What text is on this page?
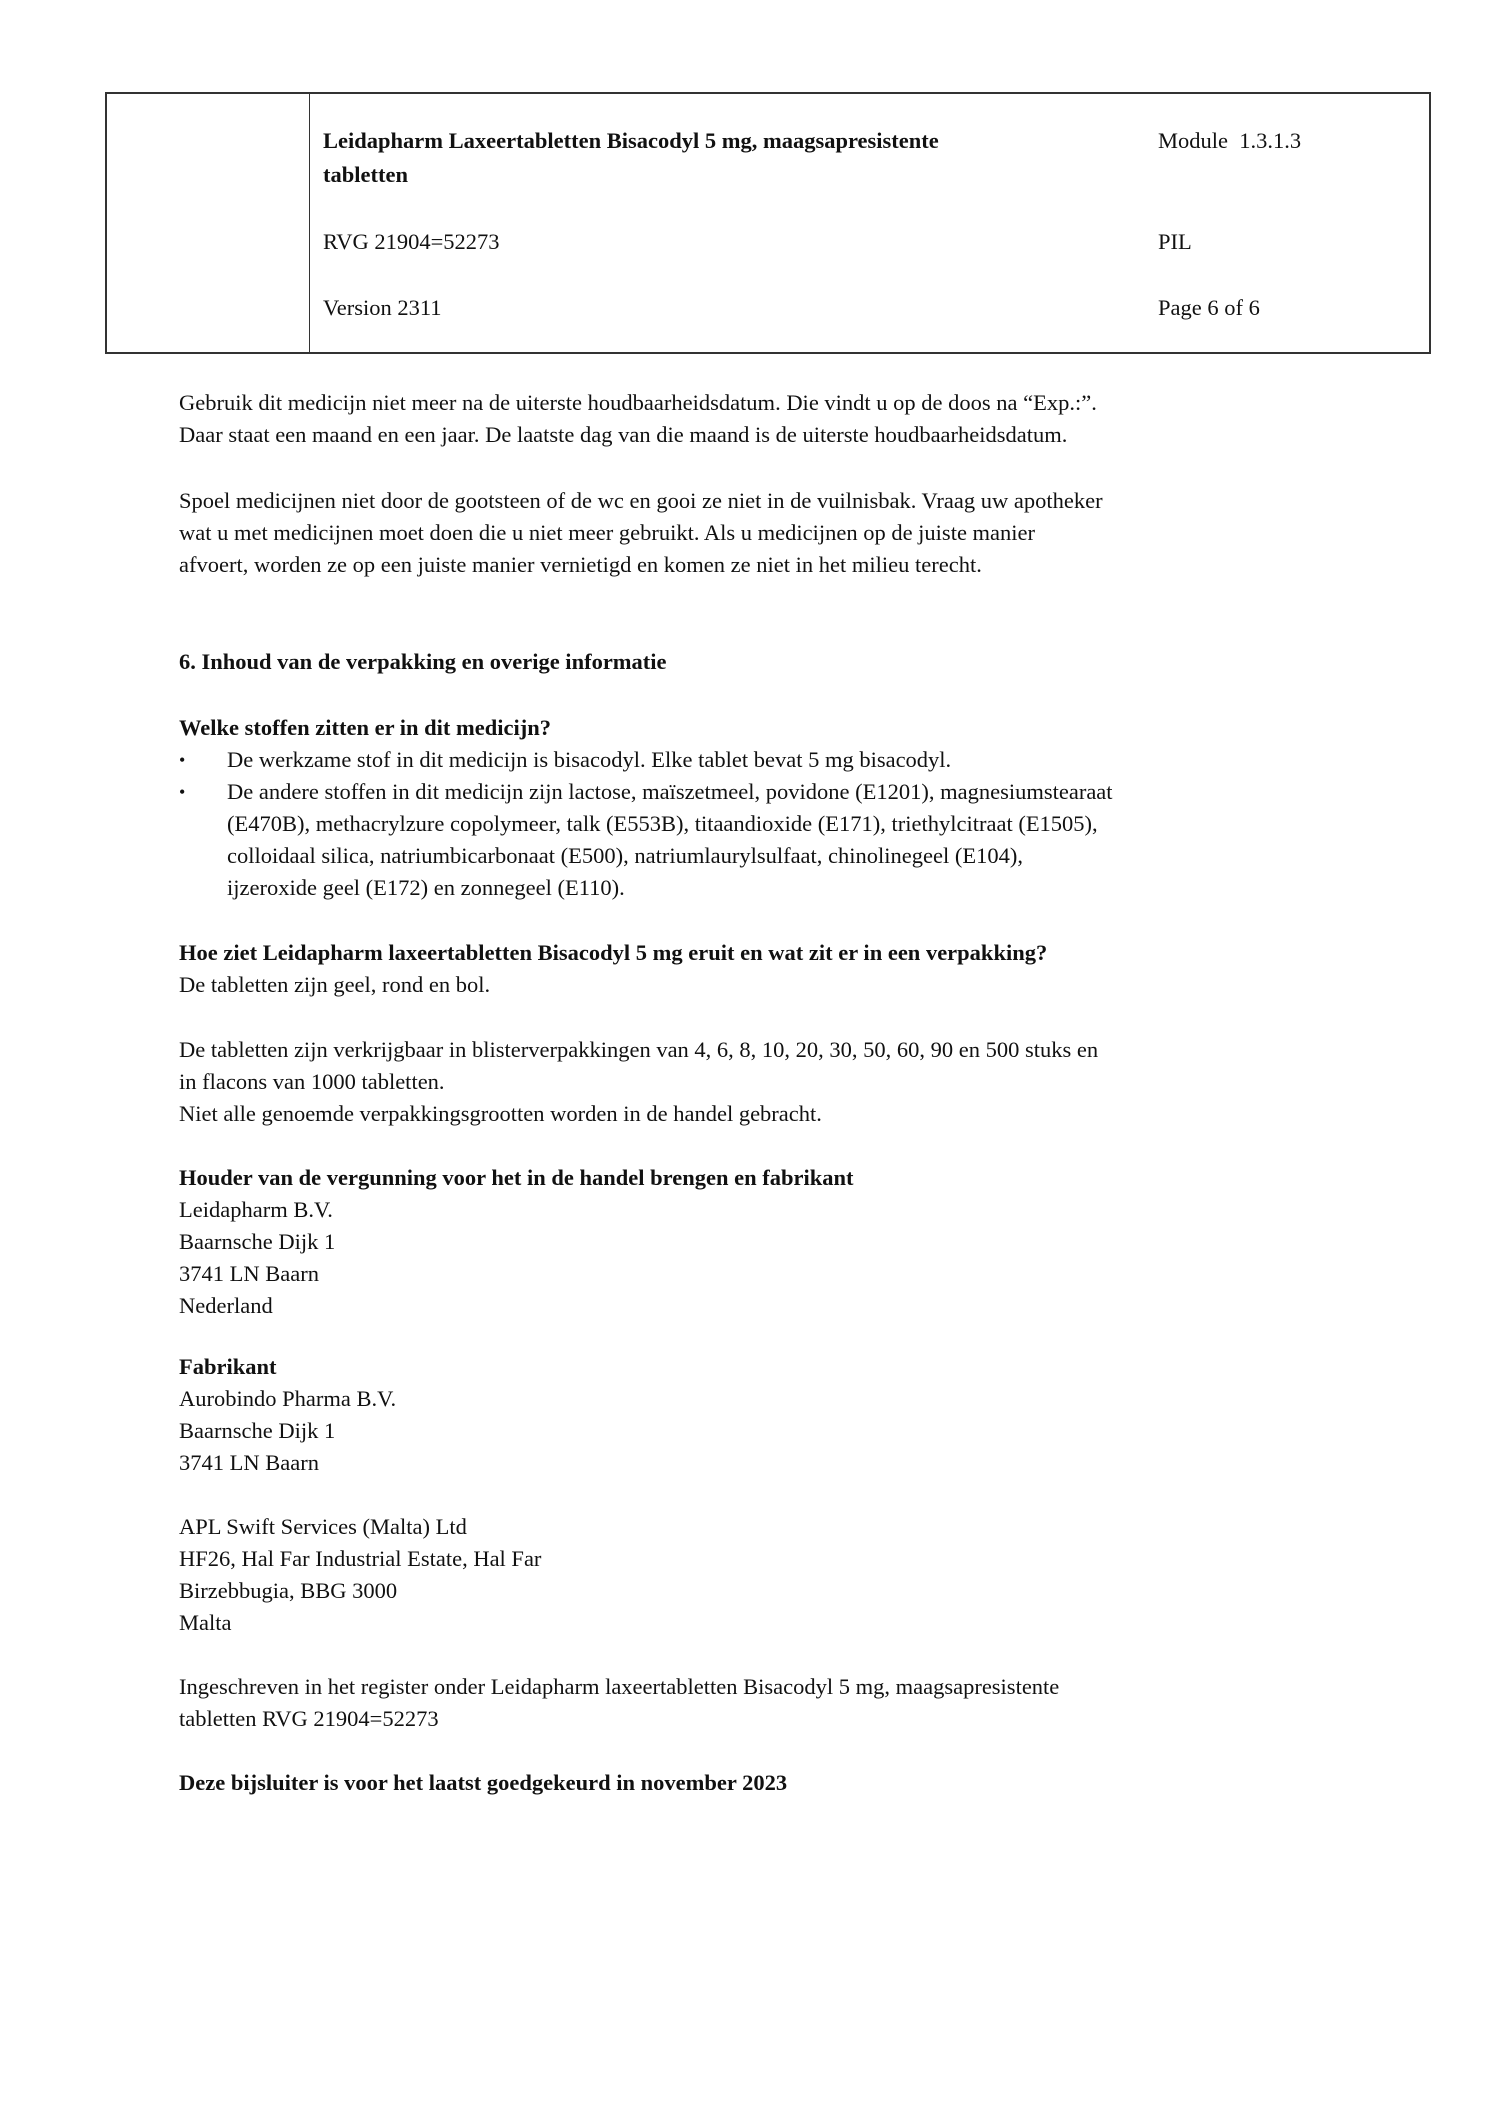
Leidapharm Laxeertabletten Bisacodyl 5 mg, maagsapresistente
tabletten
RVG 21904=52273
Version 2311
Module  1.3.1.3
PIL
Page 6 of 6
Gebruik dit medicijn niet meer na de uiterste houdbaarheidsdatum. Die vindt u op de doos na “Exp.:”.
Daar staat een maand en een jaar. De laatste dag van die maand is de uiterste houdbaarheidsdatum.
Spoel medicijnen niet door de gootsteen of de wc en gooi ze niet in de vuilnisbak. Vraag uw apotheker
wat u met medicijnen moet doen die u niet meer gebruikt. Als u medicijnen op de juiste manier
afvoert, worden ze op een juiste manier vernietigd en komen ze niet in het milieu terecht.
6. Inhoud van de verpakking en overige informatie
Welke stoffen zitten er in dit medicijn?
• De werkzame stof in dit medicijn is bisacodyl. Elke tablet bevat 5 mg bisacodyl.
• De andere stoffen in dit medicijn zijn lactose, maïszetmeel, povidone (E1201), magnesiumstearaat
(E470B), methacrylzure copolymeer, talk (E553B), titaandioxide (E171), triethylcitraat (E1505),
colloidaal silica, natriumbicarbonaat (E500), natriumlaurylsulfaat, chinolinegeel (E104),
ijzeroxide geel (E172) en zonnegeel (E110).
Hoe ziet Leidapharm laxeertabletten Bisacodyl 5 mg eruit en wat zit er in een verpakking?
De tabletten zijn geel, rond en bol.
De tabletten zijn verkrijgbaar in blisterverpakkingen van 4, 6, 8, 10, 20, 30, 50, 60, 90 en 500 stuks en
in flacons van 1000 tabletten.
Niet alle genoemde verpakkingsgrootten worden in de handel gebracht.
Houder van de vergunning voor het in de handel brengen en fabrikant
Leidapharm B.V.
Baarnsche Dijk 1
3741 LN Baarn
Nederland
Fabrikant
Aurobindo Pharma B.V.
Baarnsche Dijk 1
3741 LN Baarn
APL Swift Services (Malta) Ltd
HF26, Hal Far Industrial Estate, Hal Far
Birzebbugia, BBG 3000
Malta
Ingeschreven in het register onder Leidapharm laxeertabletten Bisacodyl 5 mg, maagsapresistente
tabletten RVG 21904=52273
Deze bijsluiter is voor het laatst goedgekeurd in november 2023
